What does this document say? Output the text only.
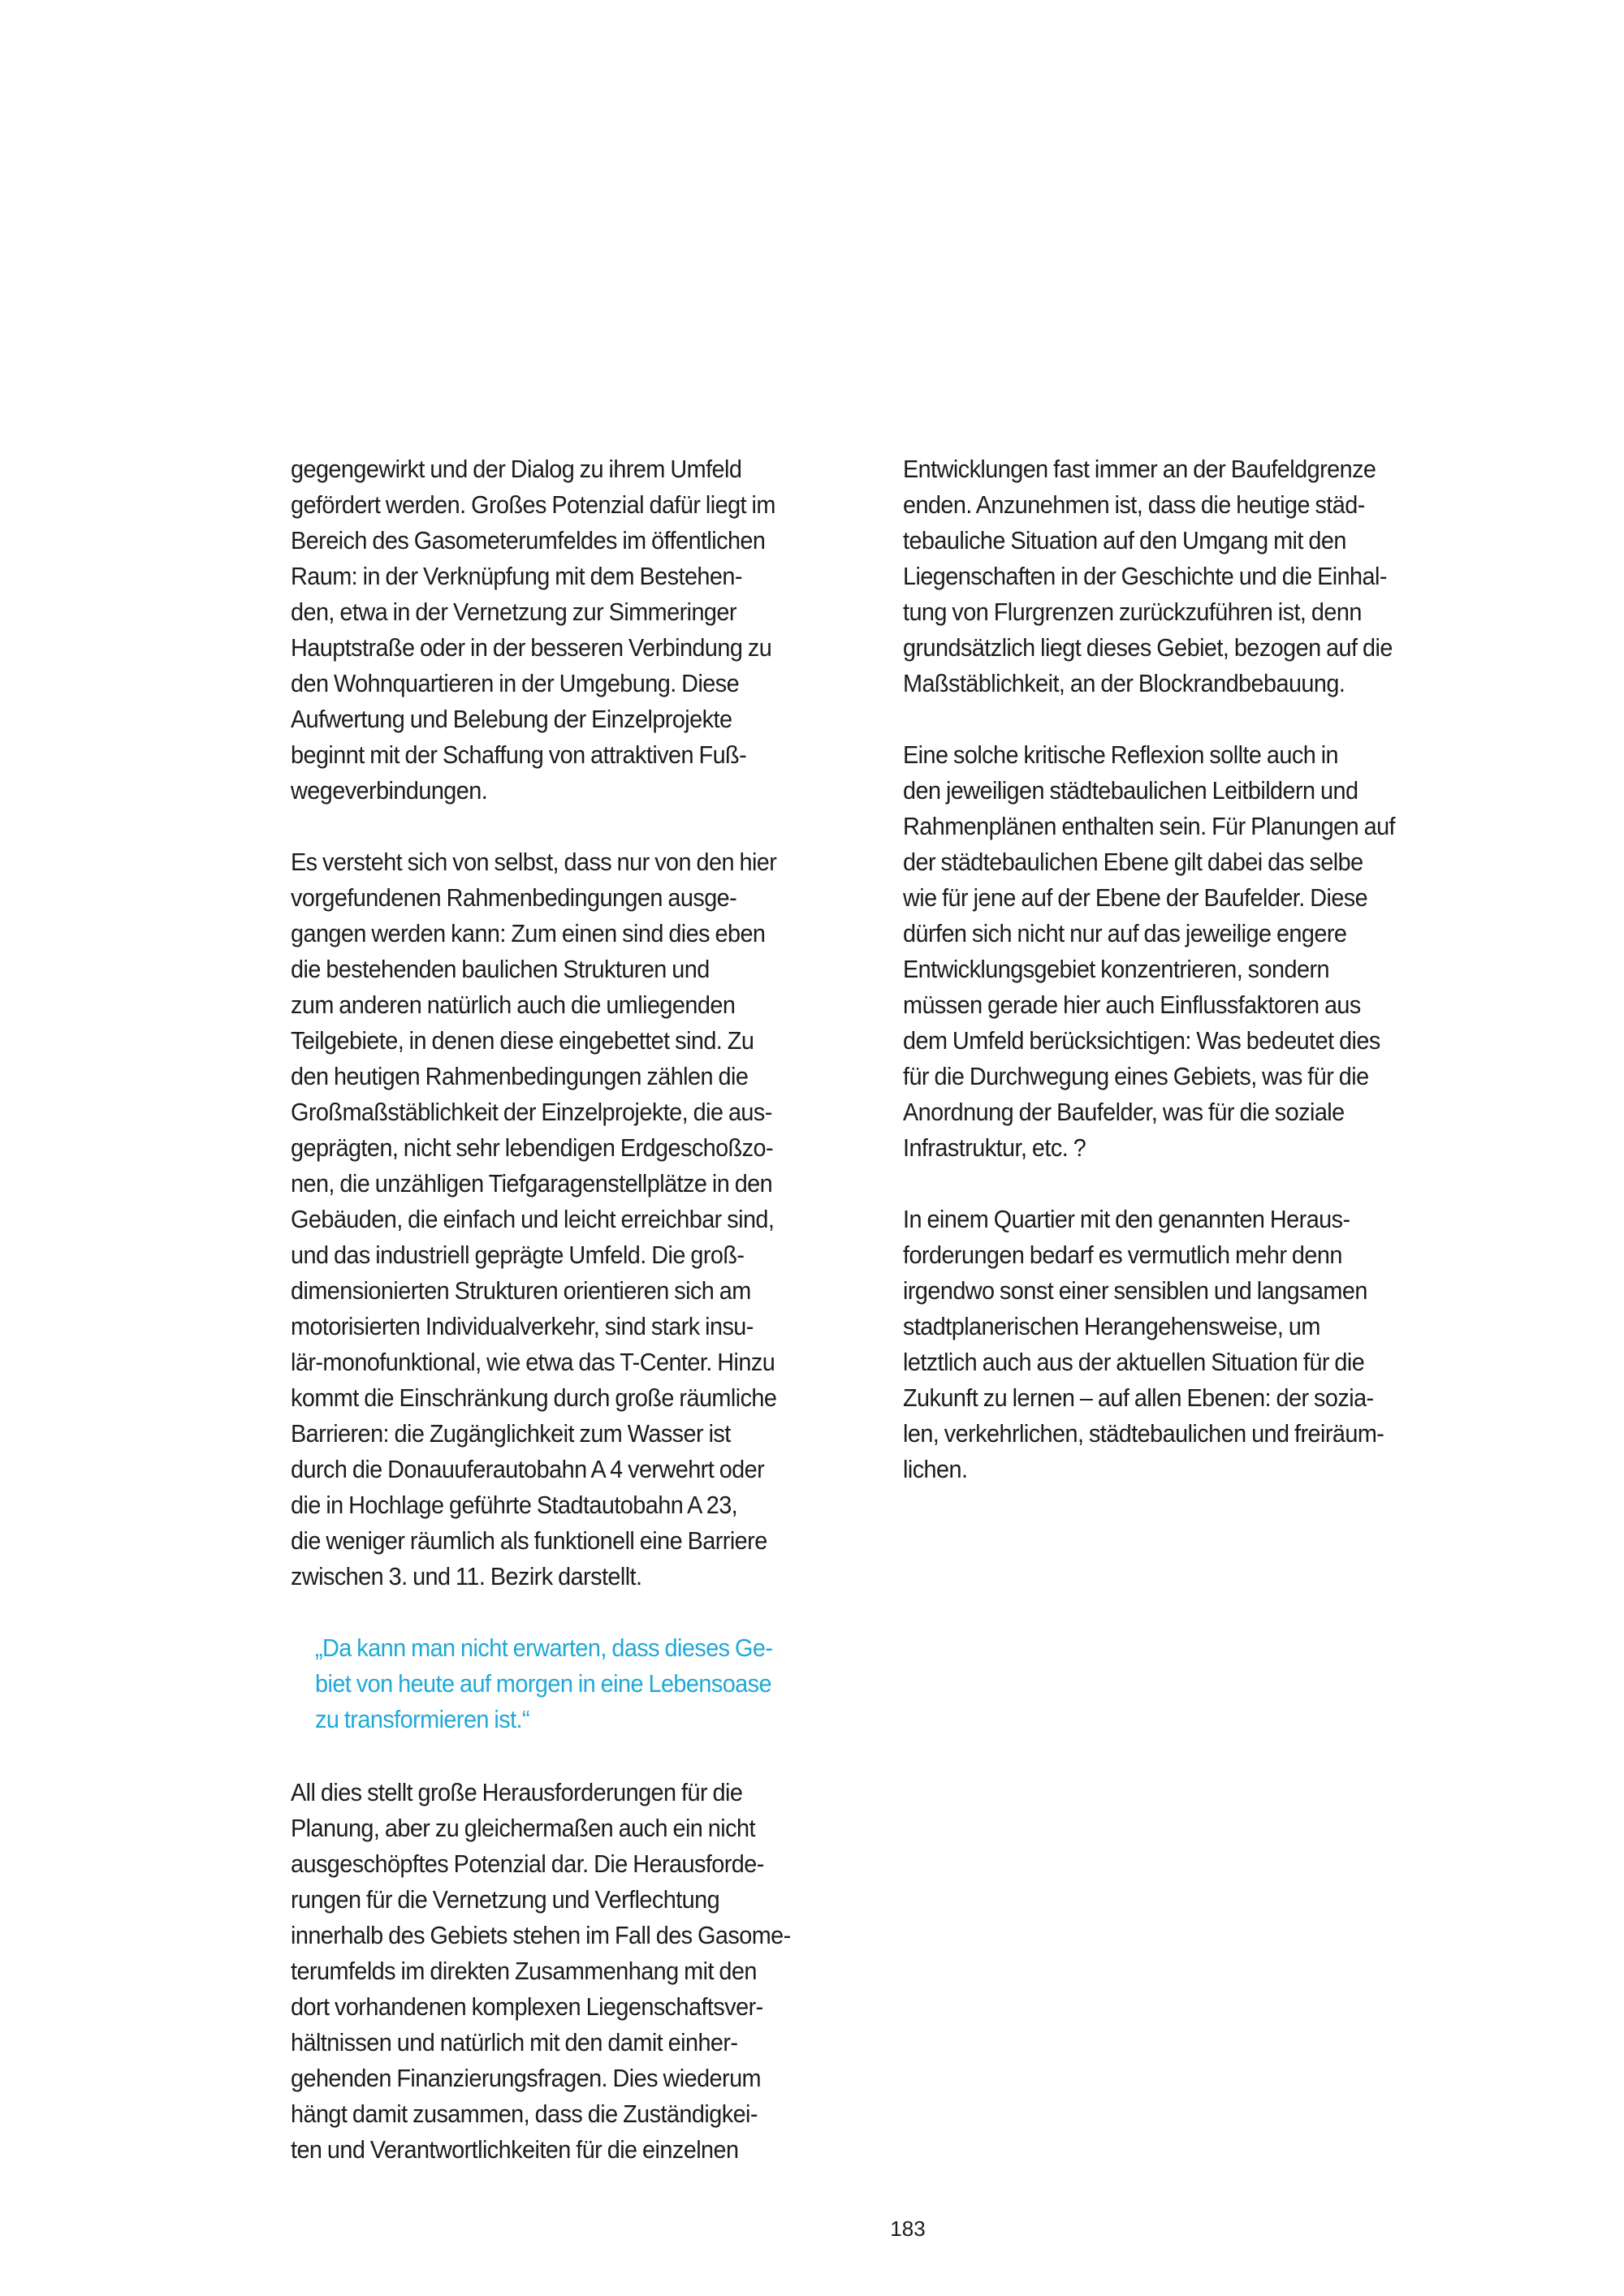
gegengewirkt und der Dialog zu ihrem Umfeld
gefördert werden. Großes Potenzial dafür liegt im
Bereich des Gasometerumfeldes im öffentlichen
Raum: in der Verknüpfung mit dem Bestehen-
den, etwa in der Vernetzung zur Simmeringer
Hauptstraße oder in der besseren Verbindung zu
den Wohnquartieren in der Umgebung. Diese
Aufwertung und Belebung der Einzelprojekte
beginnt mit der Schaffung von attraktiven Fuß-
wegeverbindungen.
Es versteht sich von selbst, dass nur von den hier
vorgefundenen Rahmenbedingungen ausge-
gangen werden kann: Zum einen sind dies eben
die bestehenden baulichen Strukturen und
zum anderen natürlich auch die umliegenden
Teilgebiete, in denen diese eingebettet sind. Zu
den heutigen Rahmenbedingungen zählen die
Großmaßstäblichkeit der Einzelprojekte, die aus-
geprägten, nicht sehr lebendigen Erdgeschoßzo-
nen, die unzähligen Tiefgaragenstellplätze in den
Gebäuden, die einfach und leicht erreichbar sind,
und das industriell geprägte Umfeld. Die groß-
dimensionierten Strukturen orientieren sich am
motorisierten Individualverkehr, sind stark insu-
lär-monofunktional, wie etwa das T-Center. Hinzu
kommt die Einschränkung durch große räumliche
Barrieren: die Zugänglichkeit zum Wasser ist
durch die Donauuferautobahn A 4 verwehrt oder
die in Hochlage geführte Stadtautobahn A 23,
die weniger räumlich als funktionell eine Barriere
zwischen 3. und 11. Bezirk darstellt.
„Da kann man nicht erwarten, dass dieses Ge-
biet von heute auf morgen in eine Lebensoase
zu transformieren ist.“
All dies stellt große Herausforderungen für die
Planung, aber zu gleichermaßen auch ein nicht
ausgeschöpftes Potenzial dar. Die Herausforde-
rungen für die Vernetzung und Verflechtung
innerhalb des Gebiets stehen im Fall des Gasome-
terumfelds im direkten Zusammenhang mit den
dort vorhandenen komplexen Liegenschaftsver-
hältnissen und natürlich mit den damit einher-
gehenden Finanzierungsfragen. Dies wiederum
hängt damit zusammen, dass die Zuständigkei-
ten und Verantwortlichkeiten für die einzelnen
Entwicklungen fast immer an der Baufeldgrenze
enden. Anzunehmen ist, dass die heutige städ-
tebauliche Situation auf den Umgang mit den
Liegenschaften in der Geschichte und die Einhal-
tung von Flurgrenzen zurückzuführen ist, denn
grundsätzlich liegt dieses Gebiet, bezogen auf die
Maßstäblichkeit, an der Blockrandbebauung.
Eine solche kritische Reflexion sollte auch in
den jeweiligen städtebaulichen Leitbildern und
Rahmenplänen enthalten sein. Für Planungen auf
der städtebaulichen Ebene gilt dabei das selbe
wie für jene auf der Ebene der Baufelder. Diese
dürfen sich nicht nur auf das jeweilige engere
Entwicklungsgebiet konzentrieren, sondern
müssen gerade hier auch Einflussfaktoren aus
dem Umfeld berücksichtigen: Was bedeutet dies
für die Durchwegung eines Gebiets, was für die
Anordnung der Baufelder, was für die soziale
Infrastruktur, etc. ?
In einem Quartier mit den genannten Heraus-
forderungen bedarf es vermutlich mehr denn
irgendwo sonst einer sensiblen und langsamen
stadtplanerischen Herangehensweise, um
letztlich auch aus der aktuellen Situation für die
Zukunft zu lernen – auf allen Ebenen: der sozia-
len, verkehrlichen, städtebaulichen und freiräum-
lichen.
183
